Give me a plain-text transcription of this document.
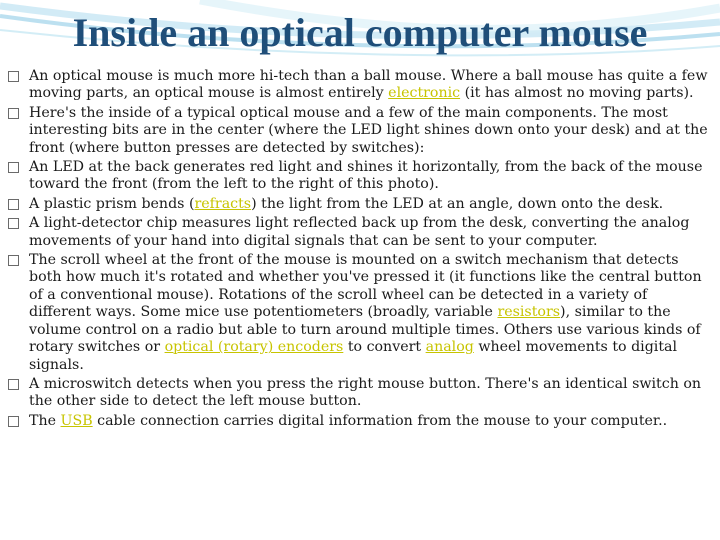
Inside an optical computer mouse
An optical mouse is much more hi-tech than a ball mouse. Where a ball mouse has quite a few moving parts, an optical mouse is almost entirely electronic (it has almost no moving parts).
Here's the inside of a typical optical mouse and a few of the main components. The most interesting bits are in the center (where the LED light shines down onto your desk) and at the front (where button presses are detected by switches):
An LED at the back generates red light and shines it horizontally, from the back of the mouse toward the front (from the left to the right of this photo).
A plastic prism bends (refracts) the light from the LED at an angle, down onto the desk.
A light-detector chip measures light reflected back up from the desk, converting the analog movements of your hand into digital signals that can be sent to your computer.
The scroll wheel at the front of the mouse is mounted on a switch mechanism that detects both how much it's rotated and whether you've pressed it (it functions like the central button of a conventional mouse). Rotations of the scroll wheel can be detected in a variety of different ways. Some mice use potentiometers (broadly, variable resistors), similar to the volume control on a radio but able to turn around multiple times. Others use various kinds of rotary switches or optical (rotary) encoders to convert analog wheel movements to digital signals.
A microswitch detects when you press the right mouse button. There's an identical switch on the other side to detect the left mouse button.
The USB cable connection carries digital information from the mouse to your computer..
